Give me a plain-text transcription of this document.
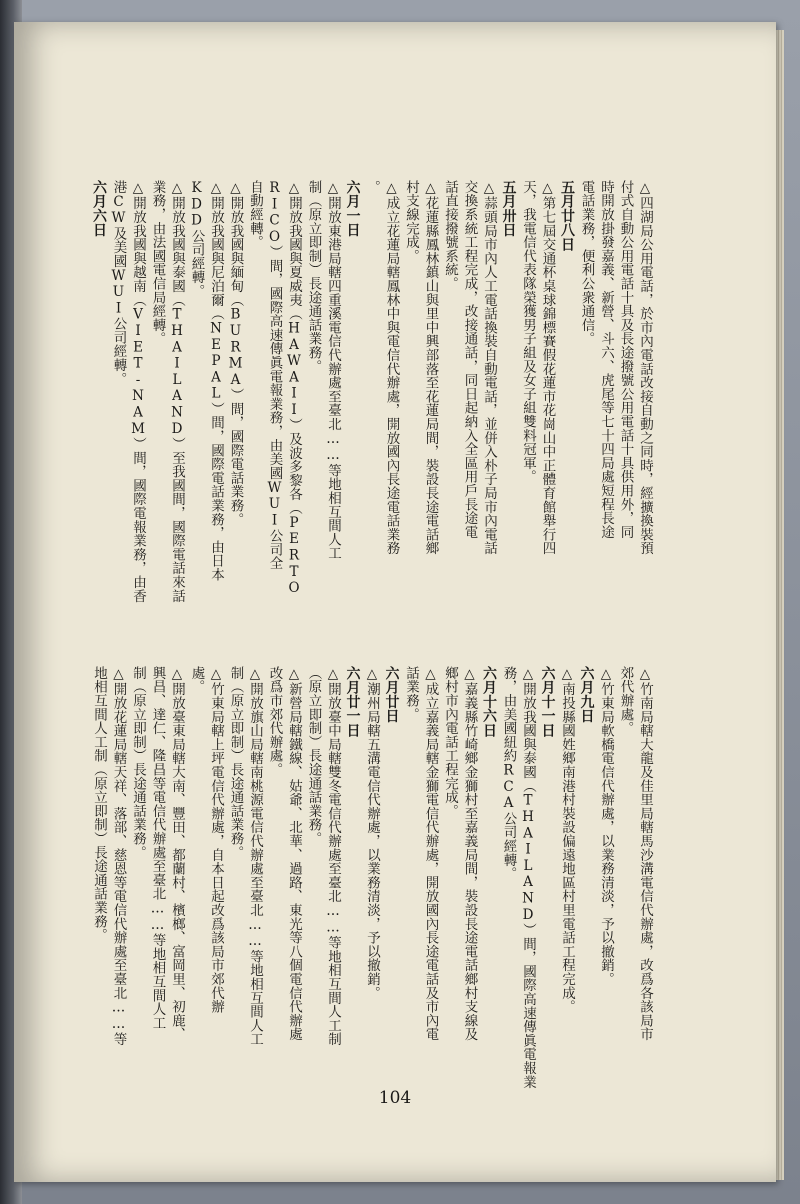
△四湖局公用電話，於市內電話改接自動之同時，經擴換裝預
付式自動公用電話十具及長途撥號公用電話十具供用外，同
時開放掛發嘉義、新營、斗六、虎尾等七十四局處短程長途
電話業務，便利公衆通信。
五月廿八日
△第七屆交通杯桌球錦標賽假花蓮市花崗山中正體育館舉行四
天，我電信代表隊榮獲男子組及女子組雙料冠軍。
五月卅日
△蒜頭局市內人工電話換裝自動電話，並併入朴子局市內電話
交換系統工程完成，改接通話，同日起納入全區用戶長途電
話直接撥號系統。
△花蓮縣鳳林鎮山與里中興部落至花蓮局間，裝設長途電話鄉
村支線完成。
△成立花蓮局轄鳳林中與電信代辦處，開放國內長途電話業務
。
六月一日
△開放東港局轄四重溪電信代辦處至臺北……等地相互間人工
制（原立即制）長途通話業務。
△開放我國與夏威夷（HAWAII）及波多黎各（PERTO
RICO）間，國際高速傳眞電報業務，由美國WUI公司全
自動經轉。
△開放我國與緬甸（BURMA）間，國際電話業務。
△開放我國與尼泊爾（NEPAL）間，國際電話業務，由日本
KDD公司經轉。
△開放我國與泰國（THAILAND）至我國間，國際電話來話
業務，由法國電信局經轉。
△開放我國與越南（VIET-NAM）間，國際電報業務，由香
港CW及美國WUI公司經轉。
六月六日
△竹南局轄大龍及佳里局轄馬沙溝電信代辦處，改爲各該局市
郊代辦處。
△竹東局軟橋電信代辦處，以業務清淡，予以撤銷。
六月九日
△南投縣國姓鄉南港村裝設偏遠地區村里電話工程完成。
六月十一日
△開放我國與泰國（THAILAND）間，國際高速傳眞電報業
務，由美國紐約RCA公司經轉。
六月十六日
△嘉義縣竹崎鄉金獅村至嘉義局間，裝設長途電話鄉村支線及
鄉村市內電話工程完成。
△成立嘉義局轄金獅電信代辦處，開放國內長途電話及市內電
話業務。
六月廿日
△潮州局轄五溝電信代辦處，以業務清淡，予以撤銷。
六月廿一日
△開放臺中局轄雙冬電信代辦處至臺北……等地相互間人工制
（原立即制）長途通話業務。
△新營局轄鐵線、姑爺、北華、過路、東光等八個電信代辦處
改爲市郊代辦處。
△開放旗山局轄南桃源電信代辦處至臺北……等地相互間人工
制（原立即制）長途通話業務。
△竹東局轄上坪電信代辦處，自本日起改爲該局市郊代辦
處。
△開放臺東局轄大南、豐田、都蘭村、檳榔、富岡里、初鹿、
興昌、達仁、隆昌等電信代辦處至臺北……等地相互間人工
制（原立即制）長途通話業務。
△開放花蓮局轄天祥、落部、慈恩等電信代辦處至臺北……等
地相互間人工制（原立即制）長途通話業務。
104
